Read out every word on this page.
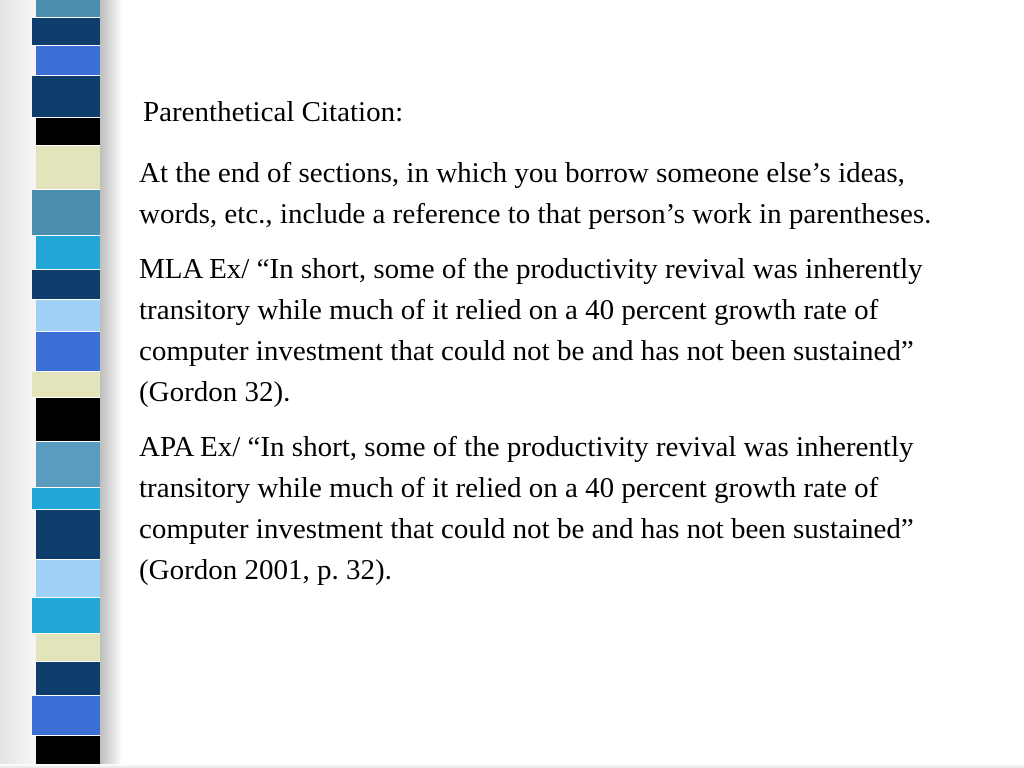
Parenthetical Citation:

At the end of sections, in which you borrow someone else’s ideas, words, etc., include a reference to that person’s work in parentheses.

MLA Ex/ “In short, some of the productivity revival was inherently transitory while much of it relied on a 40 percent growth rate of computer investment that could not be and has not been sustained” (Gordon 32).

APA Ex/ “In short, some of the productivity revival was inherently transitory while much of it relied on a 40 percent growth rate of computer investment that could not be and has not been sustained” (Gordon 2001, p. 32).
